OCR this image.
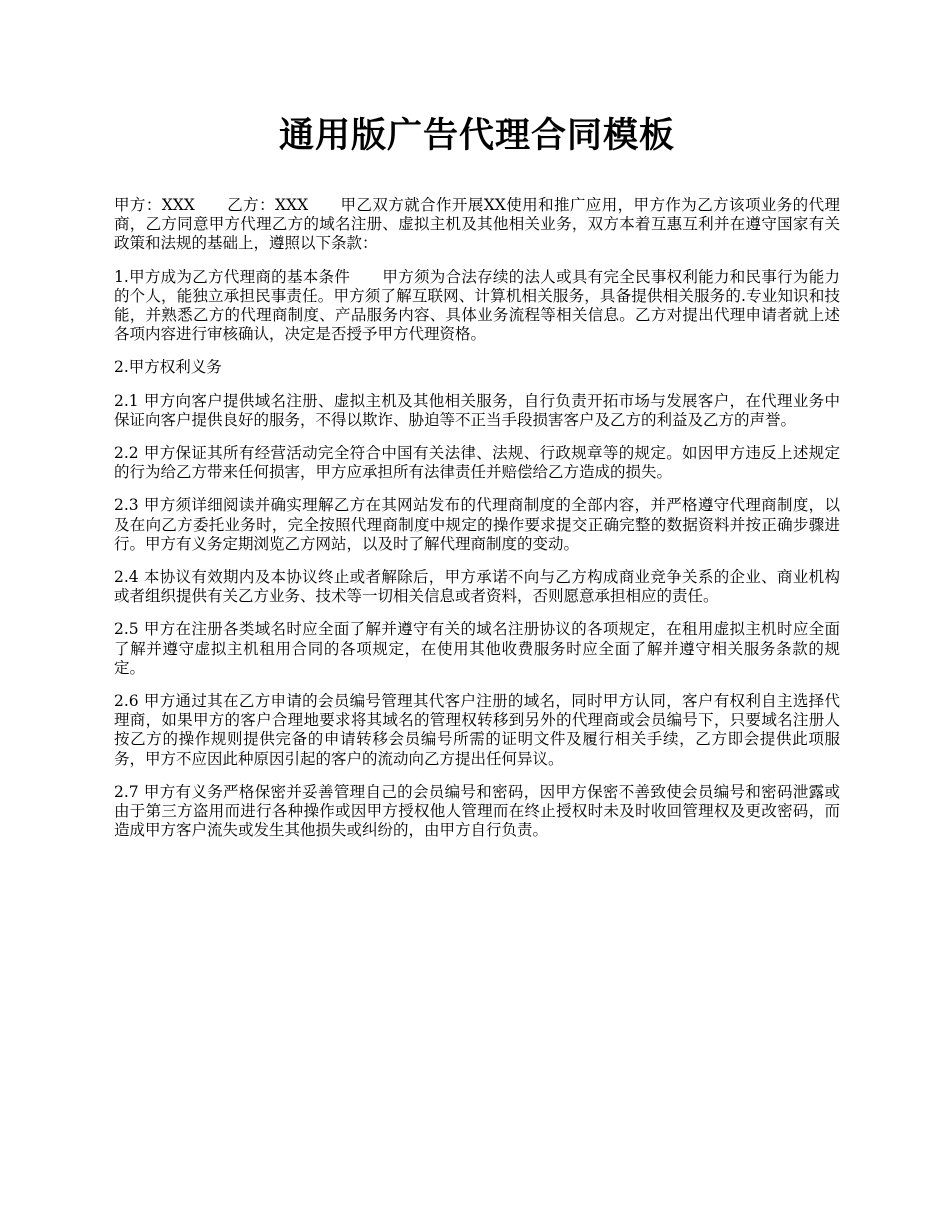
通用版广告代理合同模板

甲方：XXX 乙方：XXX 甲乙双方就合作开展XX使用和推广应用，甲方作为乙方该项业务的代理商，乙方同意甲方代理乙方的域名注册、虚拟主机及其他相关业务，双方本着互惠互利并在遵守国家有关政策和法规的基础上，遵照以下条款：

1.甲方成为乙方代理商的基本条件 甲方须为合法存续的法人或具有完全民事权利能力和民事行为能力的个人，能独立承担民事责任。甲方须了解互联网、计算机相关服务，具备提供相关服务的.专业知识和技能，并熟悉乙方的代理商制度、产品服务内容、具体业务流程等相关信息。乙方对提出代理申请者就上述各项内容进行审核确认，决定是否授予甲方代理资格。

2.甲方权利义务

2.1 甲方向客户提供域名注册、虚拟主机及其他相关服务，自行负责开拓市场与发展客户，在代理业务中保证向客户提供良好的服务，不得以欺诈、胁迫等不正当手段损害客户及乙方的利益及乙方的声誉。

2.2 甲方保证其所有经营活动完全符合中国有关法律、法规、行政规章等的规定。如因甲方违反上述规定的行为给乙方带来任何损害，甲方应承担所有法律责任并赔偿给乙方造成的损失。

2.3 甲方须详细阅读并确实理解乙方在其网站发布的代理商制度的全部内容，并严格遵守代理商制度，以及在向乙方委托业务时，完全按照代理商制度中规定的操作要求提交正确完整的数据资料并按正确步骤进行。甲方有义务定期浏览乙方网站，以及时了解代理商制度的变动。

2.4 本协议有效期内及本协议终止或者解除后，甲方承诺不向与乙方构成商业竞争关系的企业、商业机构或者组织提供有关乙方业务、技术等一切相关信息或者资料，否则愿意承担相应的责任。

2.5 甲方在注册各类域名时应全面了解并遵守有关的域名注册协议的各项规定，在租用虚拟主机时应全面了解并遵守虚拟主机租用合同的各项规定，在使用其他收费服务时应全面了解并遵守相关服务条款的规定。

2.6 甲方通过其在乙方申请的会员编号管理其代客户注册的域名，同时甲方认同，客户有权利自主选择代理商，如果甲方的客户合理地要求将其域名的管理权转移到另外的代理商或会员编号下，只要域名注册人按乙方的操作规则提供完备的申请转移会员编号所需的证明文件及履行相关手续，乙方即会提供此项服务，甲方不应因此种原因引起的客户的流动向乙方提出任何异议。

2.7 甲方有义务严格保密并妥善管理自己的会员编号和密码，因甲方保密不善致使会员编号和密码泄露或由于第三方盗用而进行各种操作或因甲方授权他人管理而在终止授权时未及时收回管理权及更改密码，而造成甲方客户流失或发生其他损失或纠纷的，由甲方自行负责。
